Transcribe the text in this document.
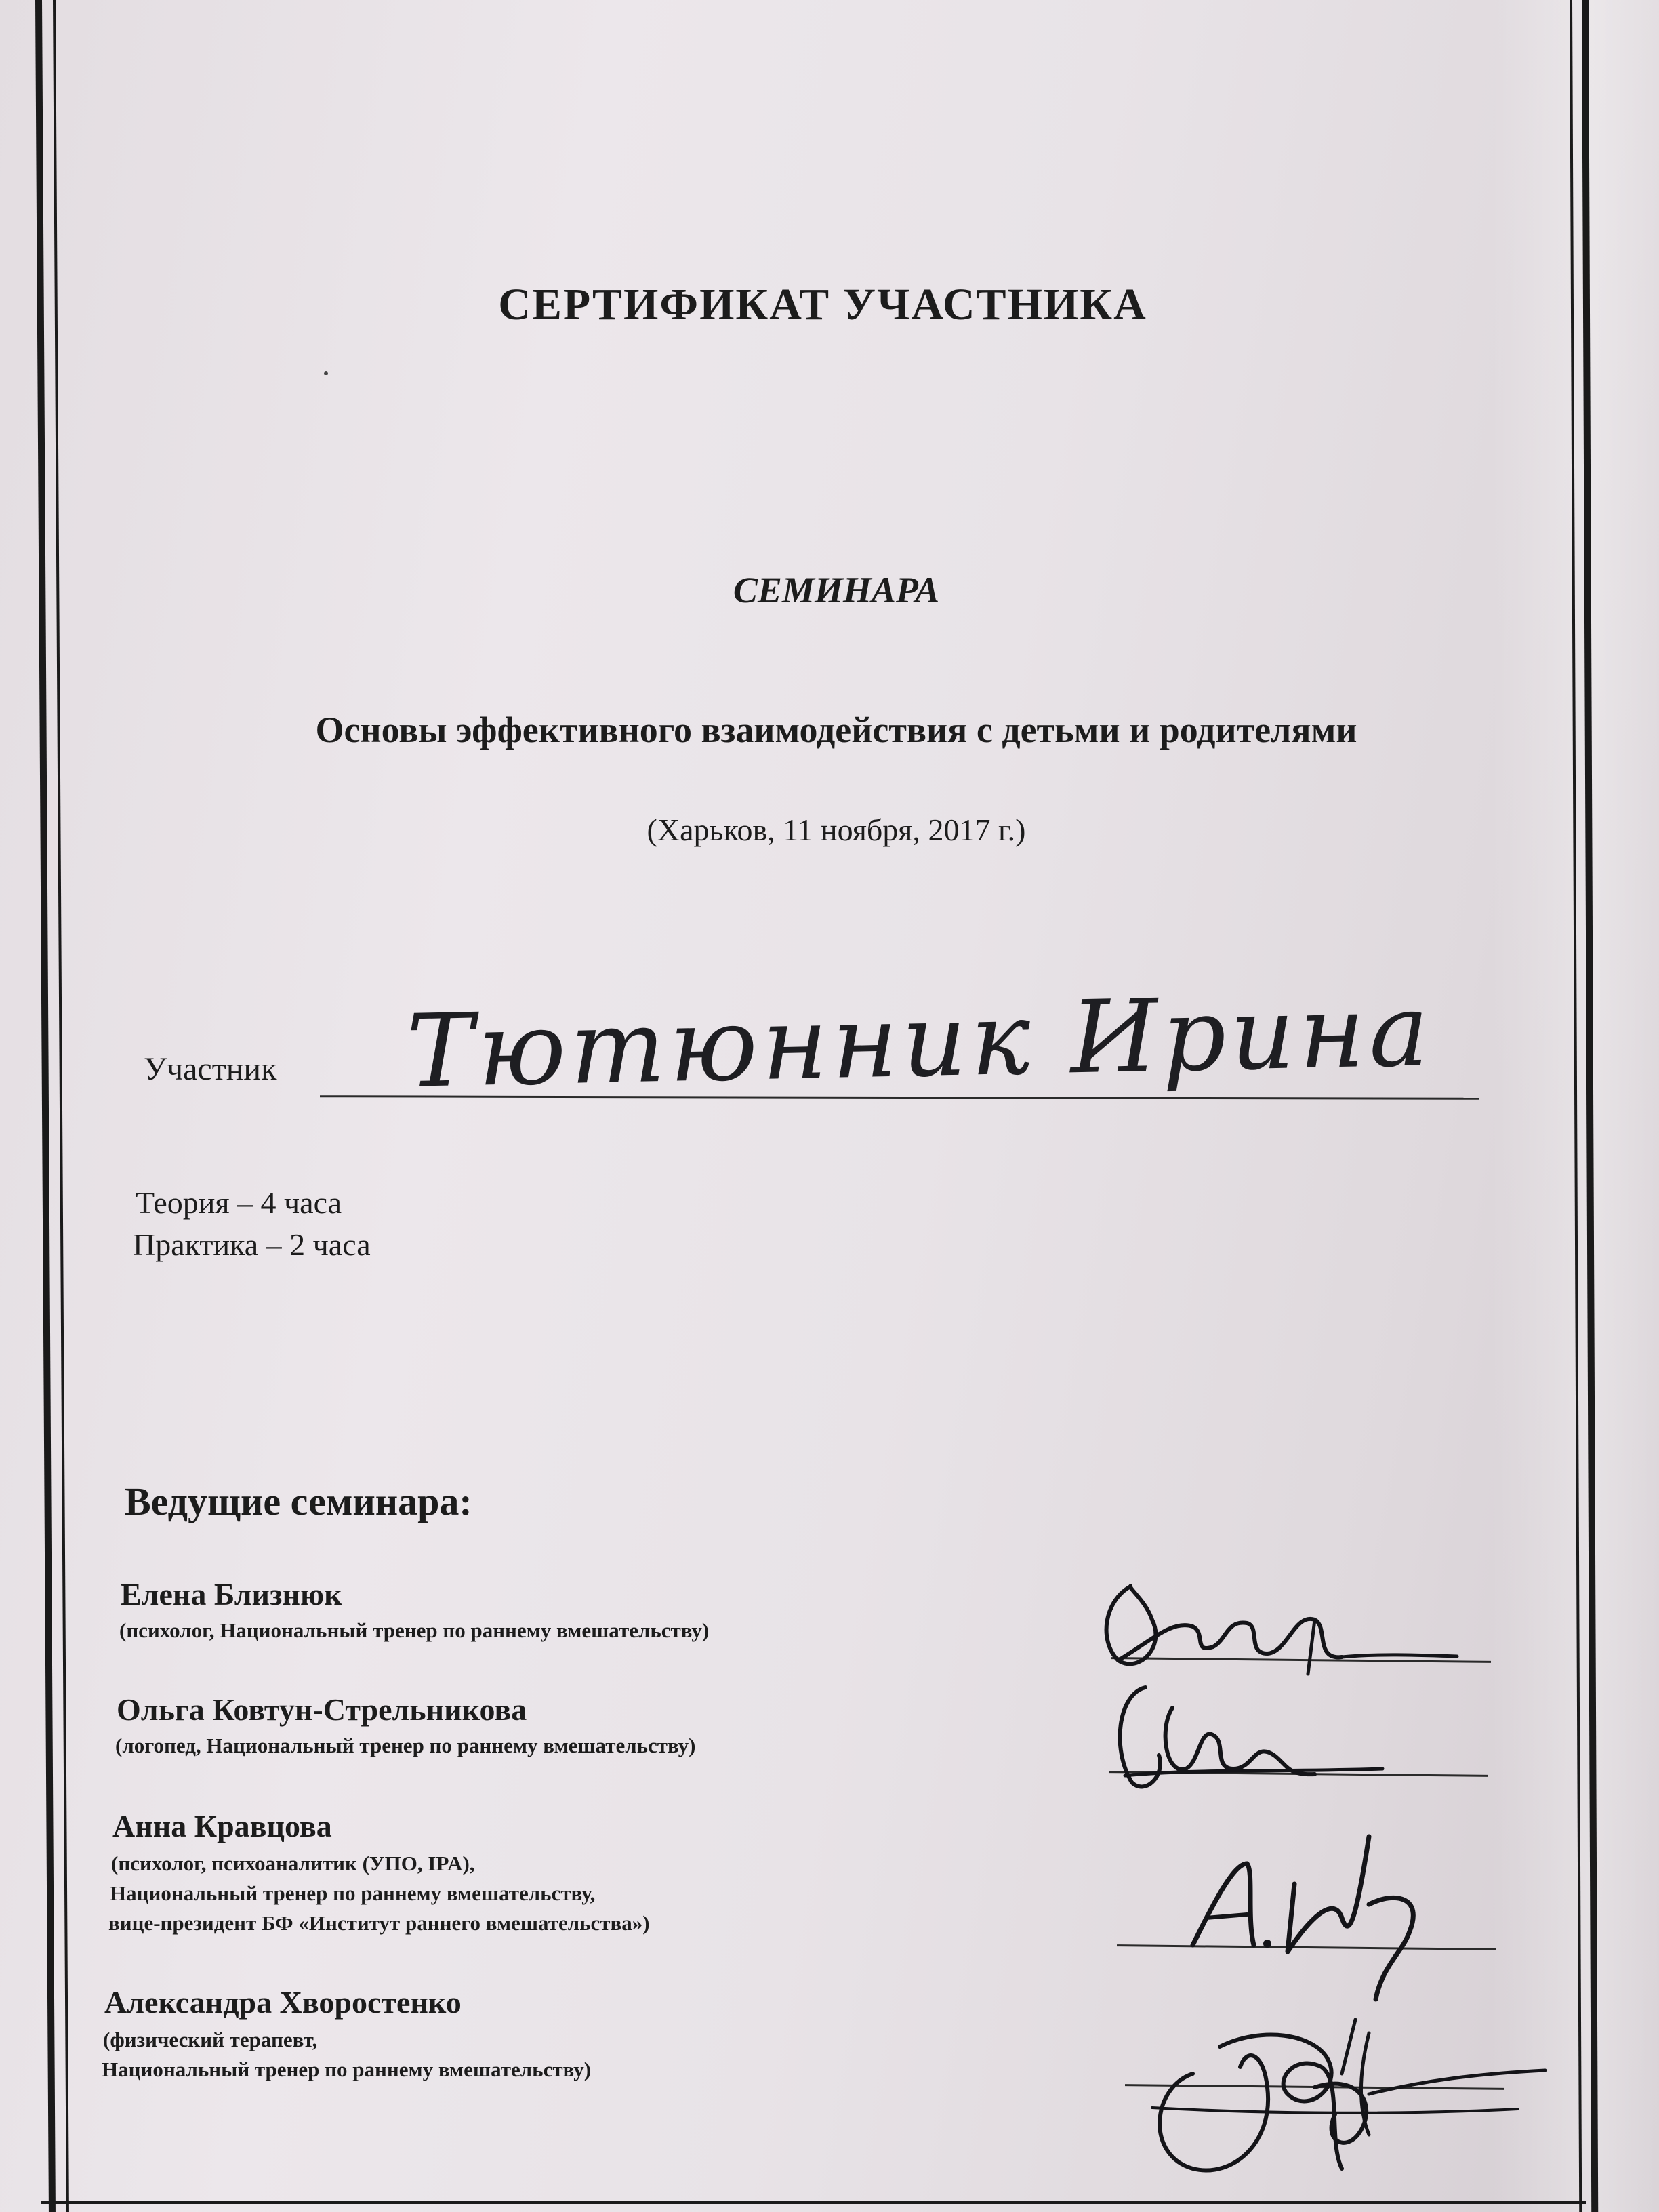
СЕРТИФИКАТ УЧАСТНИКА
СЕМИНАРА
Основы эффективного взаимодействия с детьми и родителями
(Харьков, 11 ноября, 2017 г.)
Участник Тютюнник Ирина
Теория – 4 часа
Практика – 2 часа
Ведущие семинара:
Елена Близнюк
(психолог, Национальный тренер по раннему вмешательству)
Ольга Ковтун-Стрельникова
(логопед, Национальный тренер по раннему вмешательству)
Анна Кравцова
(психолог, психоаналитик (УПО, IPA),
Национальный тренер по раннему вмешательству,
вице-президент БФ «Институт раннего вмешательства»)
Александра Хворостенко
(физический терапевт,
Национальный тренер по раннему вмешательству)
